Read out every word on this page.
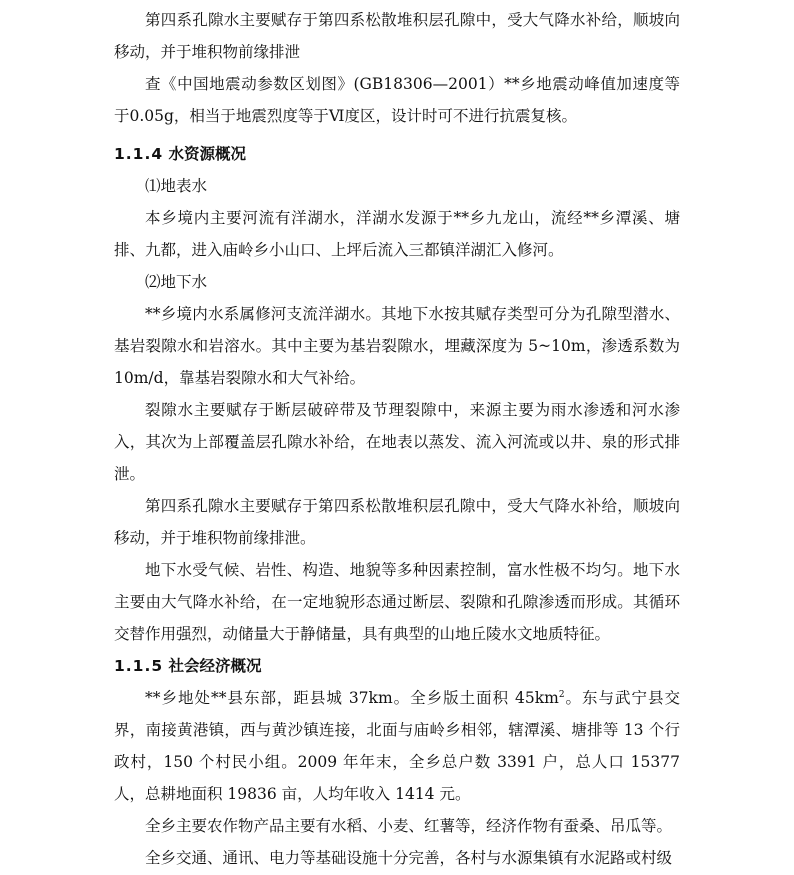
第四系孔隙水主要赋存于第四系松散堆积层孔隙中，受大气降水补给，顺坡向移动，并于堆积物前缘排泄

查《中国地震动参数区划图》(GB18306—2001）**乡地震动峰值加速度等于0.05g，相当于地震烈度等于Ⅵ度区，设计时可不进行抗震复核。

1.1.4 水资源概况

⑴地表水

本乡境内主要河流有洋湖水，洋湖水发源于**乡九龙山，流经**乡潭溪、塘排、九都，进入庙岭乡小山口、上坪后流入三都镇洋湖汇入修河。

⑵地下水

**乡境内水系属修河支流洋湖水。其地下水按其赋存类型可分为孔隙型潜水、基岩裂隙水和岩溶水。其中主要为基岩裂隙水，埋藏深度为 5~10m，渗透系数为10m/d，靠基岩裂隙水和大气补给。

裂隙水主要赋存于断层破碎带及节理裂隙中，来源主要为雨水渗透和河水渗入，其次为上部覆盖层孔隙水补给，在地表以蒸发、流入河流或以井、泉的形式排泄。

第四系孔隙水主要赋存于第四系松散堆积层孔隙中，受大气降水补给，顺坡向移动，并于堆积物前缘排泄。

地下水受气候、岩性、构造、地貌等多种因素控制，富水性极不均匀。地下水主要由大气降水补给，在一定地貌形态通过断层、裂隙和孔隙渗透而形成。其循环交替作用强烈，动储量大于静储量，具有典型的山地丘陵水文地质特征。

1.1.5 社会经济概况

**乡地处**县东部，距县城 37km。全乡版土面积 $45km^2$。东与武宁县交界，南接黄港镇，西与黄沙镇连接，北面与庙岭乡相邻，辖潭溪、塘排等 13 个行政村，150 个村民小组。2009 年年末，全乡总户数 3391 户，总人口 15377 人，总耕地面积 19836 亩，人均年收入 1414 元。

全乡主要农作物产品主要有水稻、小麦、红薯等，经济作物有蚕桑、吊瓜等。

全乡交通、通讯、电力等基础设施十分完善，各村与水源集镇有水泥路或村级
